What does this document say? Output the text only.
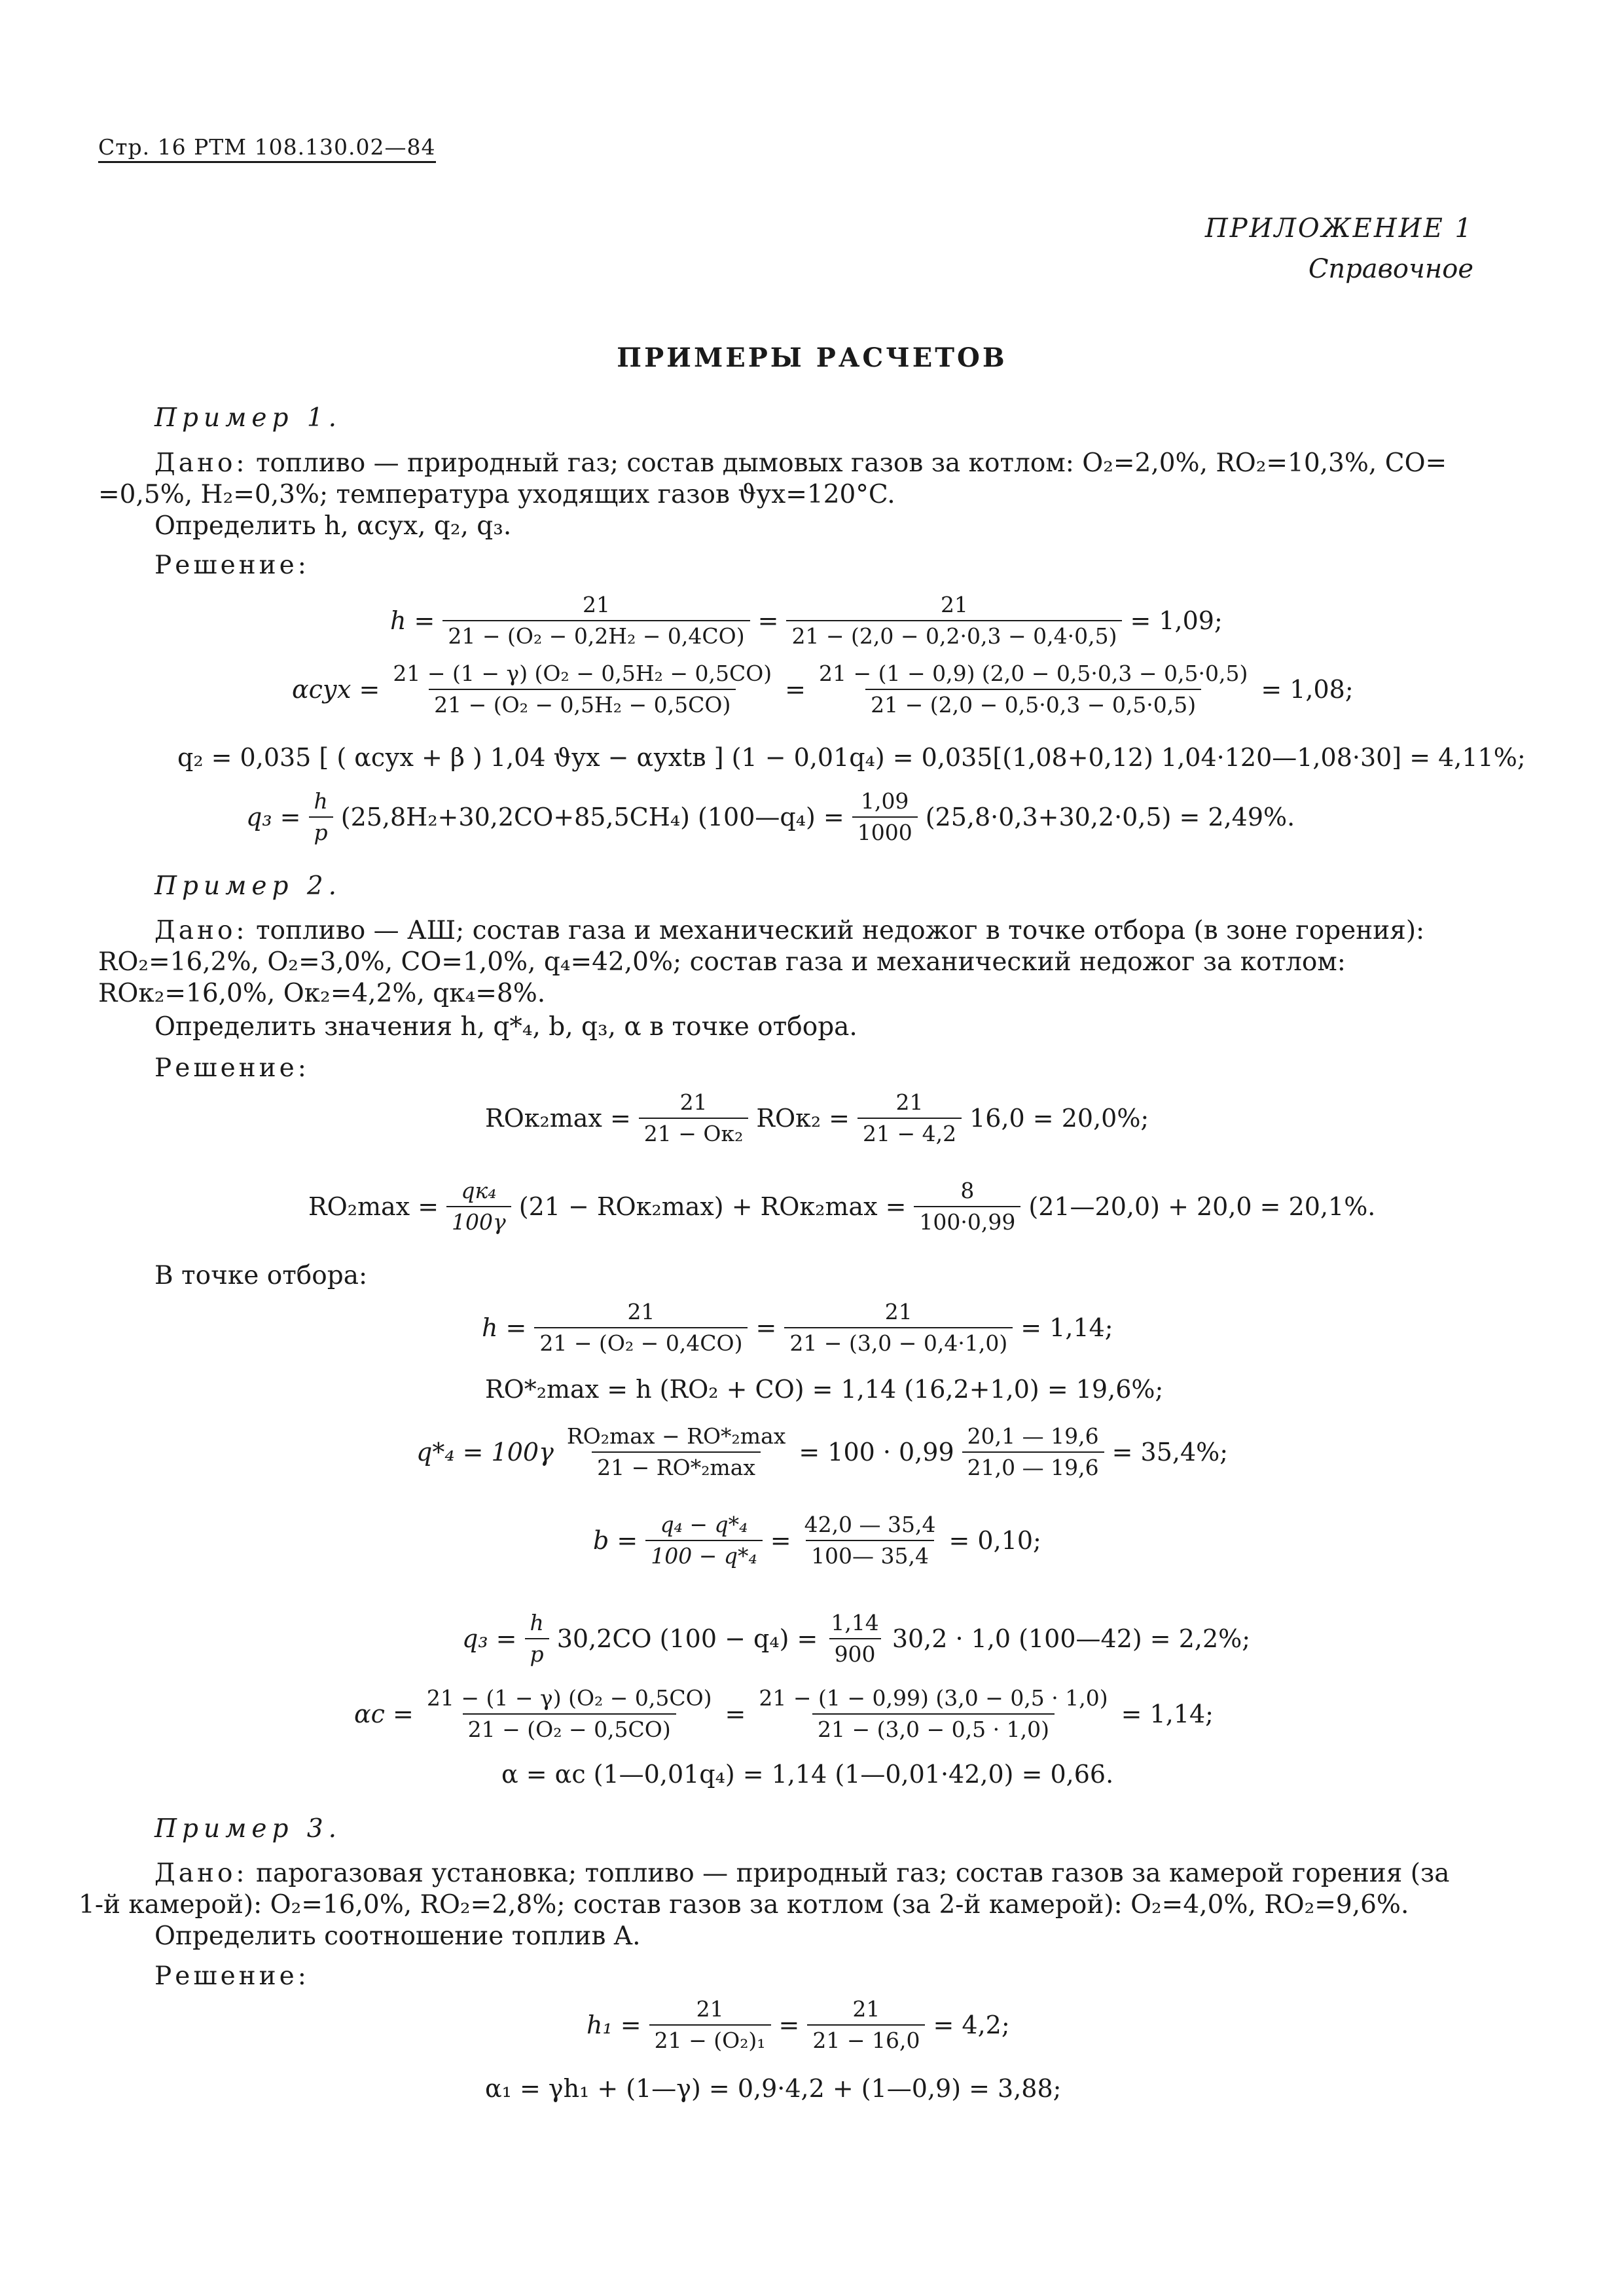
Стр. 16 РТМ 108.130.02—84
ПРИЛОЖЕНИЕ 1
Справочное
ПРИМЕРЫ РАСЧЕТОВ
Пример 1.
Дано: топливо — природный газ; состав дымовых газов за котлом: O₂=2,0%, RO₂=10,3%, CO=
=0,5%, H₂=0,3%; температура уходящих газов ϑух=120°C.
Определить h, αсух, q₂, q₃.
Решение:
$h = \frac{21}{\text{21 − (O₂ − 0,2H₂ − 0,4CO)}} = \frac{21}{21 - (2,0 - 0,2\cdot 0,3 - 0,4\cdot 0,5)} = 1,09$;
$\alpha сух = \frac{\text{21 − (1 − γ) (O₂ − 0,5H₂ − 0,5CO)}}{\text{21 − (O₂ − 0,5H₂ − 0,5CO)}} = \frac{21 - (1 - 0,9) (2,0 - 0,5\cdot 0,3 - 0,5\cdot 0,5)}{21 - (2,0 - 0,5\cdot 0,3 - 0,5\cdot 0,5)} = 1,08$;
q₂ = 0,035 [ ( αсух + β ) 1,04 ϑух − αухtв ] (1 − 0,01q₄) = 0,035[(1,08+0,12) 1,04·120—1,08·30] = 4,11%;
$q_3 = \frac{h}{p} (25,8H_2+30,2CO+85,5CH_4)$ (100—q₄) = $\frac{1,09}{1000} (25,8\cdot 0,3+30,2\cdot 0,5) = 2,49\%$.
Пример 2.
Дано: топливо — АШ; состав газа и механический недожог в точке отбора (в зоне горения):
RO₂=16,2%, O₂=3,0%, CO=1,0%, q₄=42,0%; состав газа и механический недожог за котлом:
ROк₂=16,0%, Oк₂=4,2%, qк₄=8%.
Определить значения h, q*₄, b, q₃, α в точке отбора.
Решение:
$ROк_2\max = \frac{21}{\text{21 − Oк₂}} ROк_2 = \frac{21}{21 - 4,2} 16,0 = 20,0\%$;
$RO_2\max = \frac{\text{qк₄}}{100\gamma} (21 - ROк_2\max) + ROк_2\max = \frac{8}{100\cdot 0,99}$ (21—20,0) + 20,0 = 20,1%.
В точке отбора:
$h = \frac{21}{\text{21 − (O₂ − 0,4CO)}} = \frac{21}{21 - (3,0 - 0,4\cdot 1,0)} = 1,14$;
RO*₂max = h (RO₂ + CO) = 1,14 (16,2+1,0) = 19,6%;
$q*_4 = 100\gamma \frac{\text{RO₂max − RO*₂max}}{\text{21 − RO*₂max}} = 100 \cdot 0,99 \frac{20,1 — 19,6}{21,0 — 19,6} = 35,4\%$;
$b = \frac{\text{q₄ − q*₄}}{\text{100 − q*₄}} = \frac{42,0 — 35,4}{100— 35,4} = 0,10$;
$q_3 = \frac{h}{p} 30,2CO$ $(100 - q_4) = \frac{1,14}{900} 30,2 \cdot 1,0$ (100—42) = 2,2%;
$\alpha с = \frac{\text{21 − (1 − γ) (O₂ − 0,5CO)}}{\text{21 − (O₂ − 0,5CO)}} = \frac{21 - (1 - 0,99) (3,0 - 0,5 \cdot 1,0)}{21 - (3,0 - 0,5 \cdot 1,0)} = 1,14$;
α = αс (1—0,01q₄) = 1,14 (1—0,01·42,0) = 0,66.
Пример 3.
Дано: парогазовая установка; топливо — природный газ; состав газов за камерой горения (за
1-й камерой): O₂=16,0%, RO₂=2,8%; состав газов за котлом (за 2-й камерой): O₂=4,0%, RO₂=9,6%.
Определить соотношение топлив A.
Решение:
$h_1 = \frac{21}{\text{21 − (O₂)₁}} = \frac{21}{21 - 16,0} = 4,2$;
α₁ = γh₁ + (1—γ) = 0,9·4,2 + (1—0,9) = 3,88;
